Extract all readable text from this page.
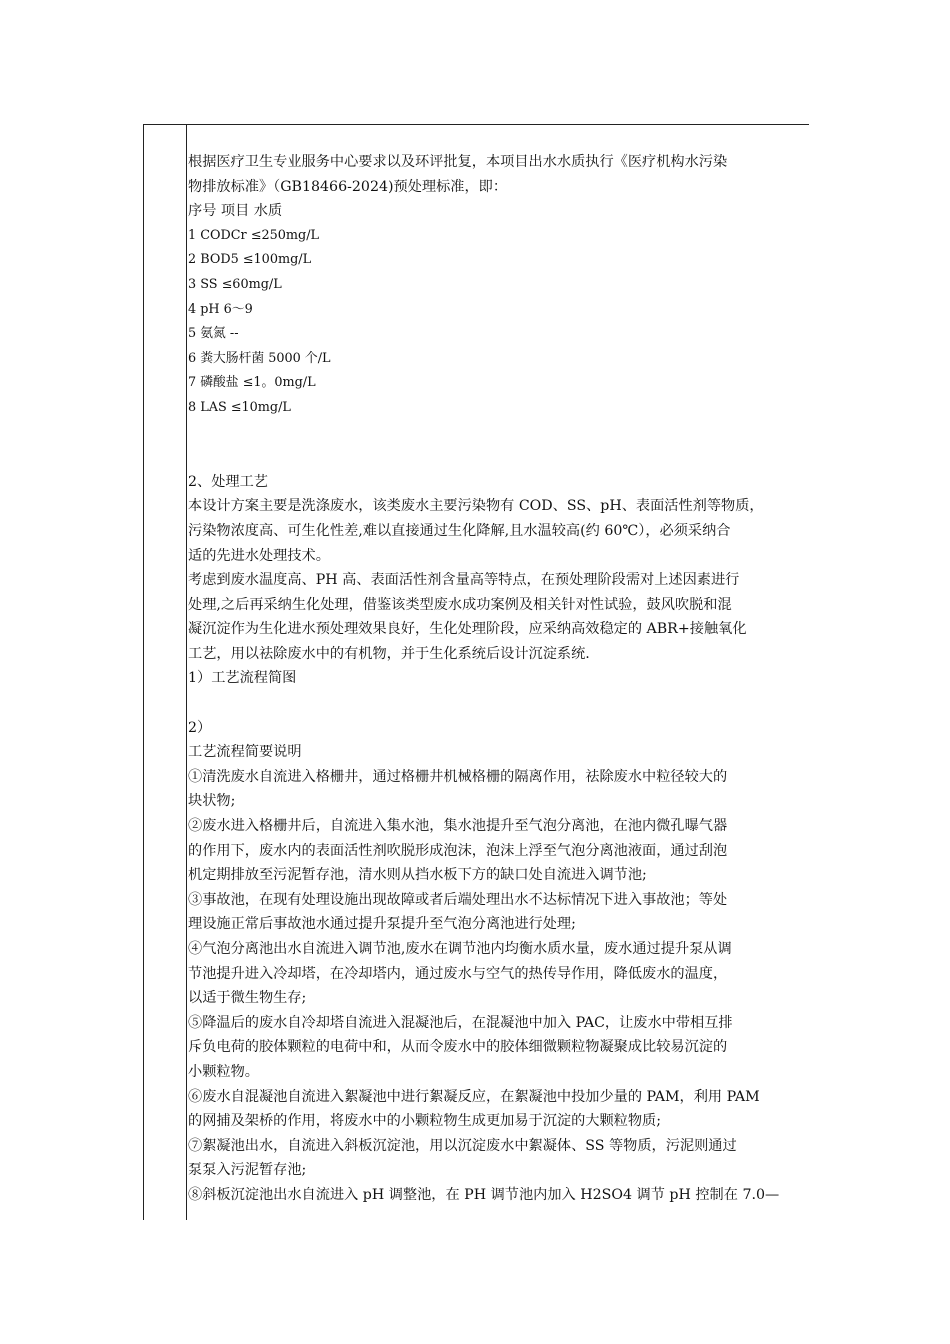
根据医疗卫生专业服务中心要求以及环评批复，本项目出水水质执行《医疗机构水污染
物排放标准》（GB18466-2024)预处理标准，即：
序号 项目 水质
1 CODCr ≤250mg/L
2 BOD5 ≤100mg/L
3 SS ≤60mg/L
4 pH 6～9
5 氨氮 --
6 粪大肠杆菌 5000 个/L
7 磷酸盐 ≤1。0mg/L
8 LAS ≤10mg/L
2、处理工艺
本设计方案主要是洗涤废水，该类废水主要污染物有 COD、SS、pH、表面活性剂等物质，
污染物浓度高、可生化性差,难以直接通过生化降解,且水温较高(约 60℃），必须采纳合
适的先进水处理技术。
考虑到废水温度高、PH 高、表面活性剂含量高等特点，在预处理阶段需对上述因素进行
处理,之后再采纳生化处理，借鉴该类型废水成功案例及相关针对性试验，鼓风吹脱和混
凝沉淀作为生化进水预处理效果良好，生化处理阶段，应采纳高效稳定的 ABR+接触氧化
工艺，用以祛除废水中的有机物，并于生化系统后设计沉淀系统.
1）工艺流程简图
2）
工艺流程简要说明
①清洗废水自流进入格栅井，通过格栅井机械格栅的隔离作用，祛除废水中粒径较大的
块状物;
②废水进入格栅井后，自流进入集水池，集水池提升至气泡分离池，在池内微孔曝气器
的作用下，废水内的表面活性剂吹脱形成泡沫，泡沫上浮至气泡分离池液面，通过刮泡
机定期排放至污泥暂存池，清水则从挡水板下方的缺口处自流进入调节池;
③事故池，在现有处理设施出现故障或者后端处理出水不达标情况下进入事故池；等处
理设施正常后事故池水通过提升泵提升至气泡分离池进行处理;
④气泡分离池出水自流进入调节池,废水在调节池内均衡水质水量，废水通过提升泵从调
节池提升进入冷却塔，在冷却塔内，通过废水与空气的热传导作用，降低废水的温度，
以适于微生物生存;
⑤降温后的废水自冷却塔自流进入混凝池后，在混凝池中加入 PAC，让废水中带相互排
斥负电荷的胶体颗粒的电荷中和，从而令废水中的胶体细微颗粒物凝聚成比较易沉淀的
小颗粒物。
⑥废水自混凝池自流进入絮凝池中进行絮凝反应，在絮凝池中投加少量的 PAM，利用 PAM
的网捕及架桥的作用，将废水中的小颗粒物生成更加易于沉淀的大颗粒物质;
⑦絮凝池出水，自流进入斜板沉淀池，用以沉淀废水中絮凝体、SS 等物质，污泥则通过
泵泵入污泥暂存池;
⑧斜板沉淀池出水自流进入 pH 调整池，在 PH 调节池内加入 H2SO4 调节 pH 控制在 7.0—
